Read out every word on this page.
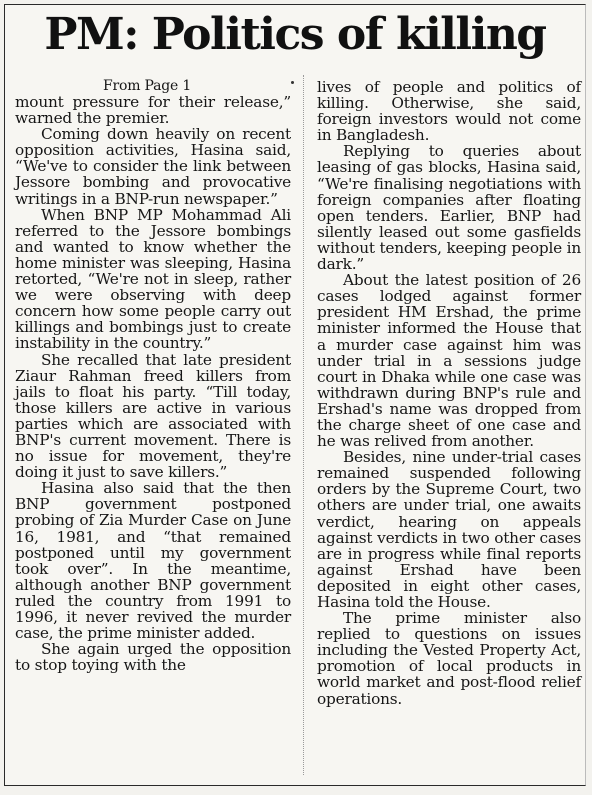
PM: Politics of killing

From Page 1

mount pressure for their release,” warned the premier.

Coming down heavily on recent opposition activities, Hasina said, “We've to consider the link between Jessore bombing and provocative writings in a BNP-run newspaper.”

When BNP MP Mohammad Ali referred to the Jessore bombings and wanted to know whether the home minister was sleeping, Hasina retorted, “We're not in sleep, rather we were observing with deep concern how some people carry out killings and bombings just to create instability in the country.”

She recalled that late president Ziaur Rahman freed killers from jails to float his party. “Till today, those killers are active in various parties which are associated with BNP's current movement. There is no issue for movement, they're doing it just to save killers.”

Hasina also said that the then BNP government postponed probing of Zia Murder Case on June 16, 1981, and “that remained postponed until my government took over”. In the meantime, although another BNP government ruled the country from 1991 to 1996, it never revived the murder case, the prime minister added.

She again urged the opposition to stop toying with the

lives of people and politics of killing. Otherwise, she said, foreign investors would not come in Bangladesh.

Replying to queries about leasing of gas blocks, Hasina said, “We're finalising negotiations with foreign companies after floating open tenders. Earlier, BNP had silently leased out some gasfields without tenders, keeping people in dark.”

About the latest position of 26 cases lodged against former president HM Ershad, the prime minister informed the House that a murder case against him was under trial in a sessions judge court in Dhaka while one case was withdrawn during BNP's rule and Ershad's name was dropped from the charge sheet of one case and he was relived from another.

Besides, nine under-trial cases remained suspended following orders by the Supreme Court, two others are under trial, one awaits verdict, hearing on appeals against verdicts in two other cases are in progress while final reports against Ershad have been deposited in eight other cases, Hasina told the House.

The prime minister also replied to questions on issues including the Vested Property Act, promotion of local products in world market and post-flood relief operations.
